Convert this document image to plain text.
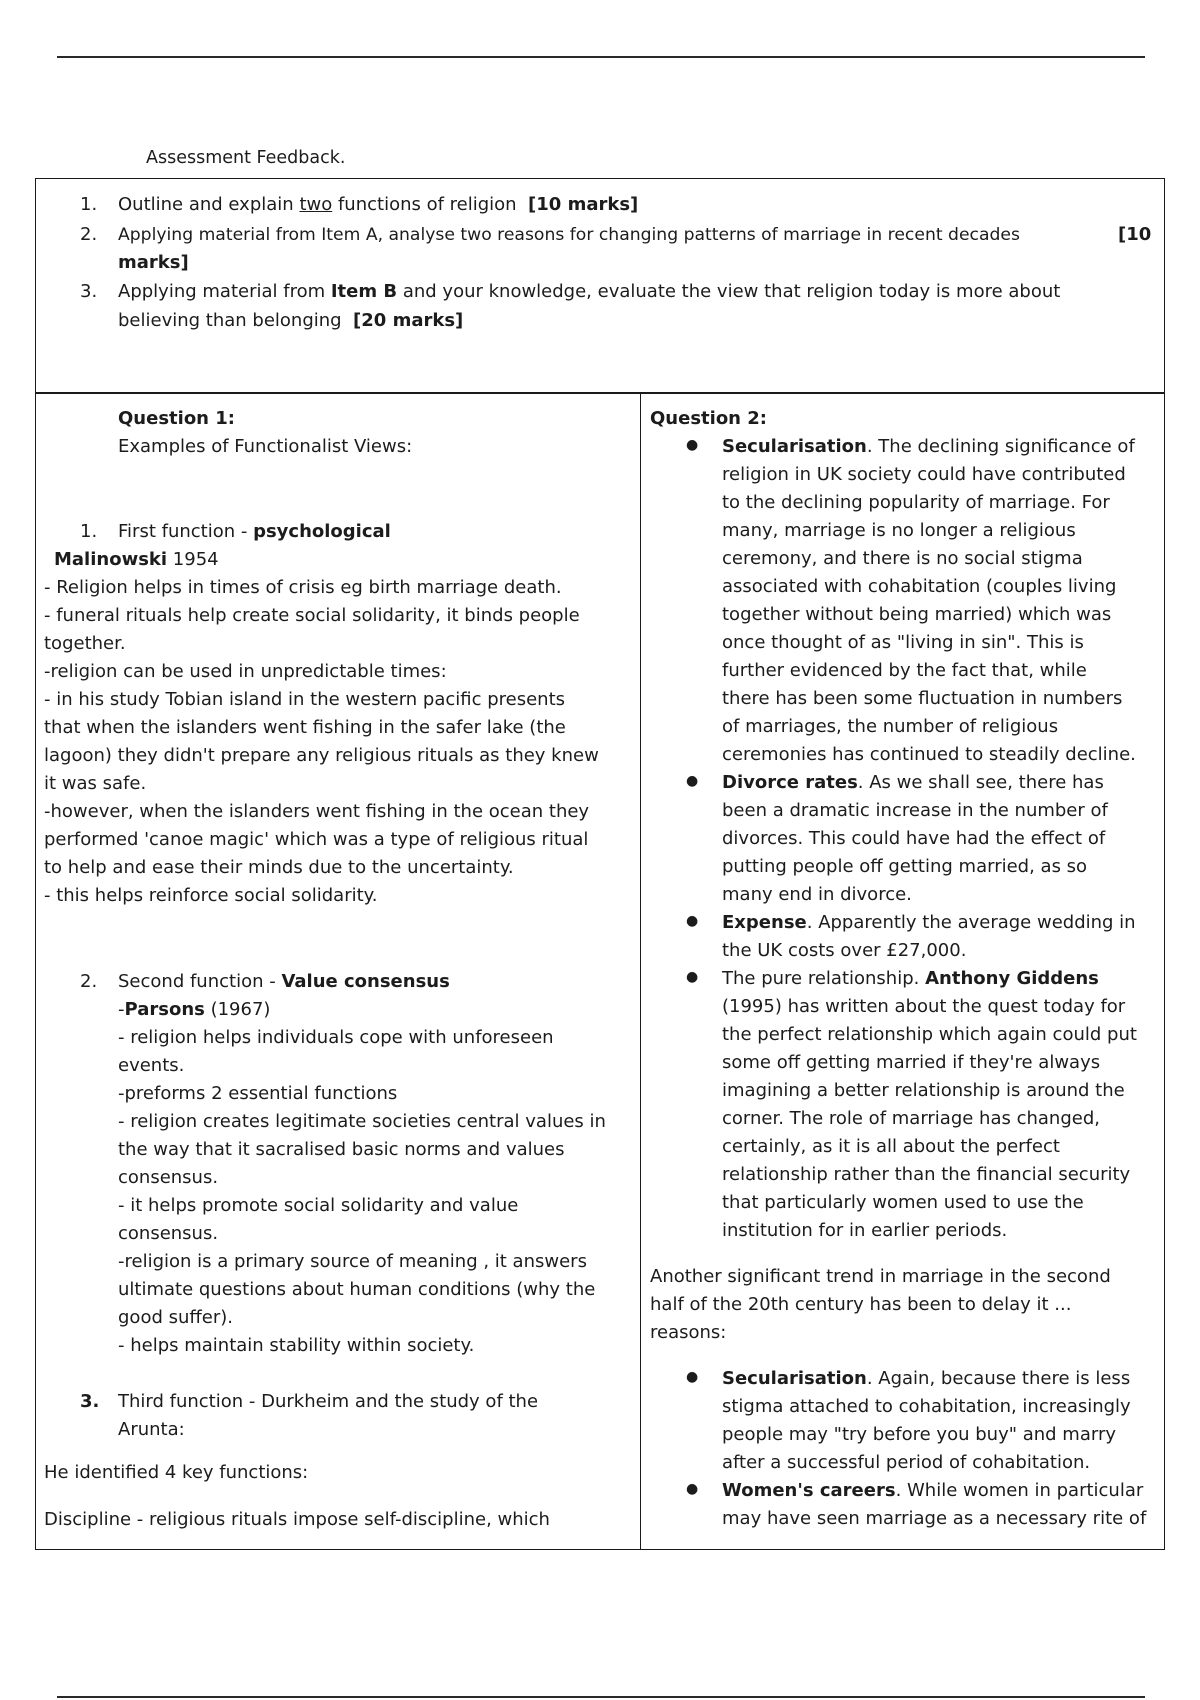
Assessment Feedback.
1. Outline and explain two functions of religion [10 marks]
2. Applying material from Item A, analyse two reasons for changing patterns of marriage in recent decades	[10
marks]
3. Applying material from Item B and your knowledge, evaluate the view that religion today is more about
believing than belonging [20 marks]
Question 1:
Examples of Functionalist Views:
1. First function - psychological
Malinowski 1954
- Religion helps in times of crisis eg birth marriage death.
- funeral rituals help create social solidarity, it binds people
together.
-religion can be used in unpredictable times:
- in his study Tobian island in the western pacific presents
that when the islanders went fishing in the safer lake (the
lagoon) they didn't prepare any religious rituals as they knew
it was safe.
-however, when the islanders went fishing in the ocean they
performed 'canoe magic' which was a type of religious ritual
to help and ease their minds due to the uncertainty.
- this helps reinforce social solidarity.
2. Second function - Value consensus
-Parsons (1967)
- religion helps individuals cope with unforeseen
events.
-preforms 2 essential functions
- religion creates legitimate societies central values in
the way that it sacralised basic norms and values
consensus.
- it helps promote social solidarity and value
consensus.
-religion is a primary source of meaning , it answers
ultimate questions about human conditions (why the
good suffer).
- helps maintain stability within society.
3. Third function - Durkheim and the study of the
Arunta:
He identified 4 key functions:
Discipline - religious rituals impose self-discipline, which
Question 2:
● Secularisation. The declining significance of
religion in UK society could have contributed
to the declining popularity of marriage. For
many, marriage is no longer a religious
ceremony, and there is no social stigma
associated with cohabitation (couples living
together without being married) which was
once thought of as "living in sin". This is
further evidenced by the fact that, while
there has been some fluctuation in numbers
of marriages, the number of religious
ceremonies has continued to steadily decline.
● Divorce rates. As we shall see, there has
been a dramatic increase in the number of
divorces. This could have had the effect of
putting people off getting married, as so
many end in divorce.
● Expense. Apparently the average wedding in
the UK costs over £27,000.
● The pure relationship. Anthony Giddens
(1995) has written about the quest today for
the perfect relationship which again could put
some off getting married if they're always
imagining a better relationship is around the
corner. The role of marriage has changed,
certainly, as it is all about the perfect
relationship rather than the financial security
that particularly women used to use the
institution for in earlier periods.
Another significant trend in marriage in the second
half of the 20th century has been to delay it ...
reasons:
● Secularisation. Again, because there is less
stigma attached to cohabitation, increasingly
people may "try before you buy" and marry
after a successful period of cohabitation.
● Women's careers. While women in particular
may have seen marriage as a necessary rite of
